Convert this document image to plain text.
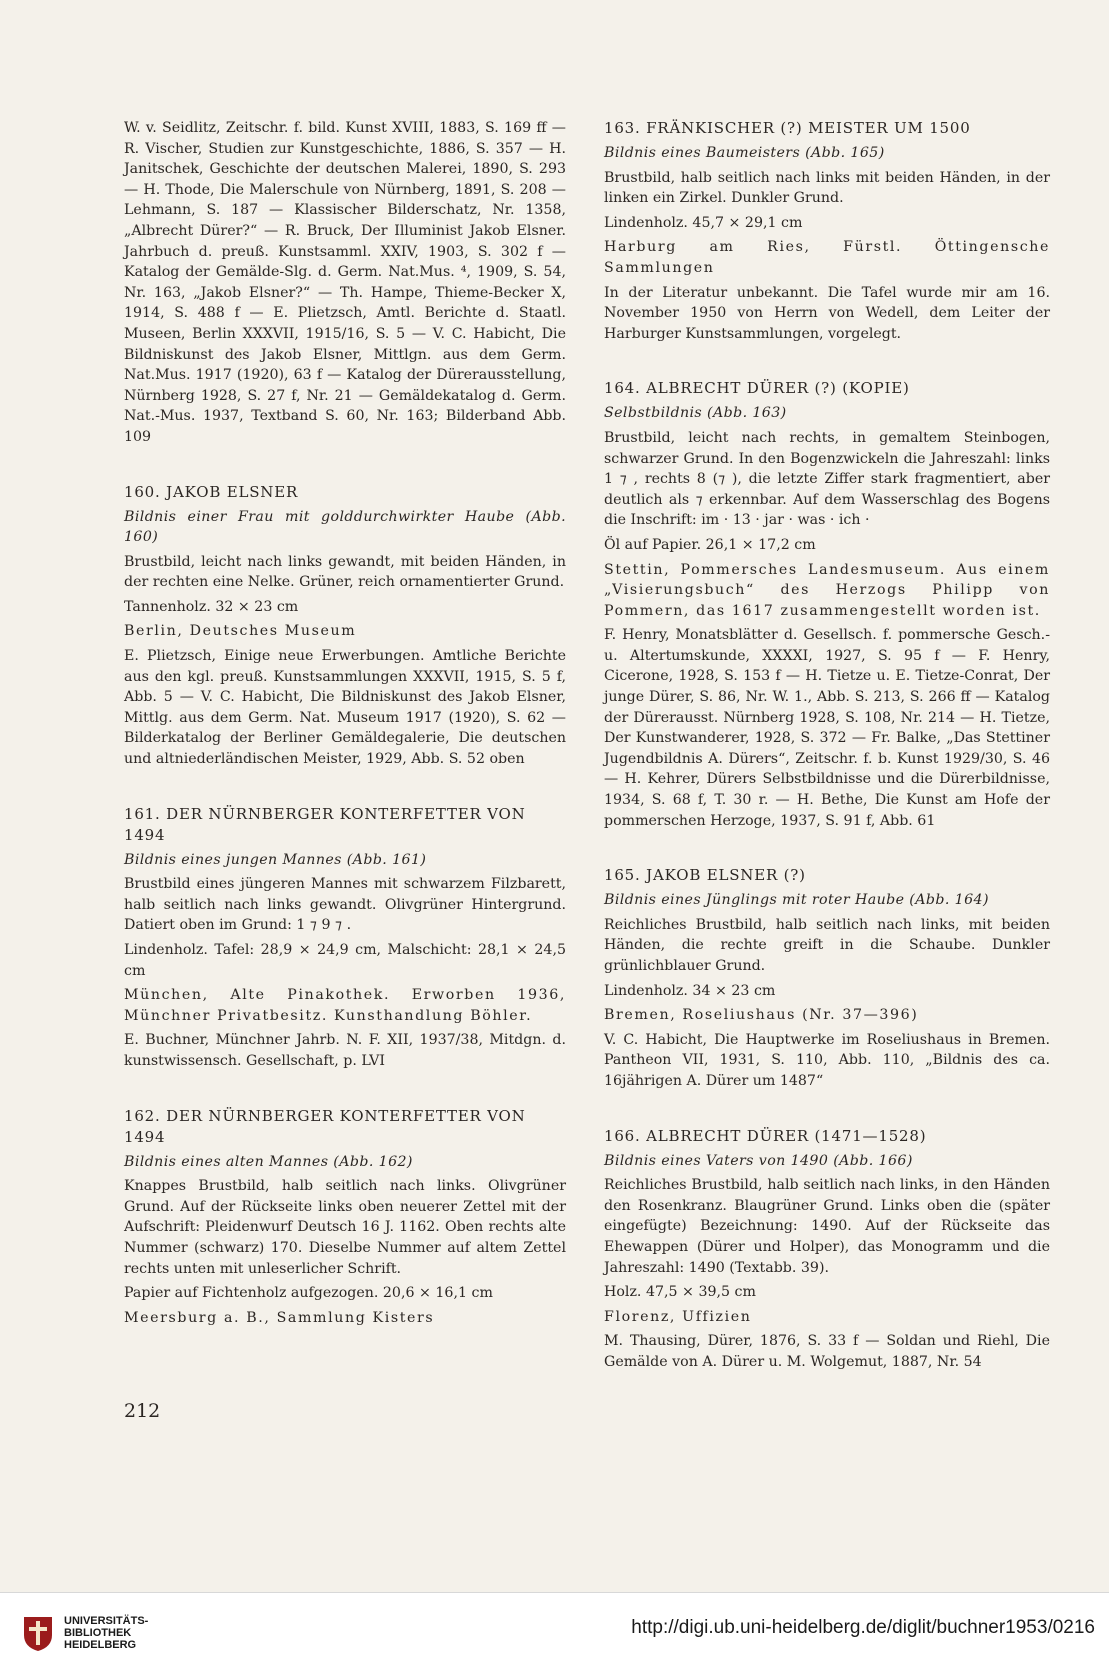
W. v. Seidlitz, Zeitschr. f. bild. Kunst XVIII, 1883, S. 169 ff — R. Vischer, Studien zur Kunstgeschichte, 1886, S. 357 — H. Janitschek, Geschichte der deutschen Malerei, 1890, S. 293 — H. Thode, Die Malerschule von Nürnberg, 1891, S. 208 — Lehmann, S. 187 — Klassischer Bilderschatz, Nr. 1358, „Albrecht Dürer?“ — R. Bruck, Der Illuminist Jakob Elsner. Jahrbuch d. preuß. Kunstsamml. XXIV, 1903, S. 302 f — Katalog der Gemälde-Slg. d. Germ. Nat.Mus. ⁴, 1909, S. 54, Nr. 163, „Jakob Elsner?“ — Th. Hampe, Thieme-Becker X, 1914, S. 488 f — E. Plietzsch, Amtl. Berichte d. Staatl. Museen, Berlin XXXVII, 1915/16, S. 5 — V. C. Habicht, Die Bildniskunst des Jakob Elsner, Mittlgn. aus dem Germ. Nat.Mus. 1917 (1920), 63 f — Katalog der Dürerausstellung, Nürnberg 1928, S. 27 f, Nr. 21 — Gemäldekatalog d. Germ. Nat.-Mus. 1937, Textband S. 60, Nr. 163; Bilderband Abb. 109

160. JAKOB ELSNER

Bildnis einer Frau mit golddurchwirkter Haube (Abb. 160)

Brustbild, leicht nach links gewandt, mit beiden Händen, in der rechten eine Nelke. Grüner, reich ornamentierter Grund.

Tannenholz. 32 × 23 cm

Berlin, Deutsches Museum

E. Plietzsch, Einige neue Erwerbungen. Amtliche Berichte aus den kgl. preuß. Kunstsammlungen XXXVII, 1915, S. 5 f, Abb. 5 — V. C. Habicht, Die Bildniskunst des Jakob Elsner, Mittlg. aus dem Germ. Nat. Museum 1917 (1920), S. 62 — Bilderkatalog der Berliner Gemäldegalerie, Die deutschen und altniederländischen Meister, 1929, Abb. S. 52 oben

161. DER NÜRNBERGER KONTERFETTER VON 1494

Bildnis eines jungen Mannes (Abb. 161)

Brustbild eines jüngeren Mannes mit schwarzem Filzbarett, halb seitlich nach links gewandt. Olivgrüner Hintergrund. Datiert oben im Grund: 1 ⁊ 9 ⁊ .

Lindenholz. Tafel: 28,9 × 24,9 cm, Malschicht: 28,1 × 24,5 cm

München, Alte Pinakothek. Erworben 1936, Münchner Privatbesitz. Kunsthandlung Böhler.

E. Buchner, Münchner Jahrb. N. F. XII, 1937/38, Mitdgn. d. kunstwissensch. Gesellschaft, p. LVI

162. DER NÜRNBERGER KONTERFETTER VON 1494

Bildnis eines alten Mannes (Abb. 162)

Knappes Brustbild, halb seitlich nach links. Olivgrüner Grund. Auf der Rückseite links oben neuerer Zettel mit der Aufschrift: Pleidenwurf Deutsch 16 J. 1162. Oben rechts alte Nummer (schwarz) 170. Dieselbe Nummer auf altem Zettel rechts unten mit unleserlicher Schrift.

Papier auf Fichtenholz aufgezogen. 20,6 × 16,1 cm

Meersburg a. B., Sammlung Kisters

163. FRÄNKISCHER (?) MEISTER UM 1500

Bildnis eines Baumeisters (Abb. 165)

Brustbild, halb seitlich nach links mit beiden Händen, in der linken ein Zirkel. Dunkler Grund.

Lindenholz. 45,7 × 29,1 cm

Harburg am Ries, Fürstl. Öttingensche Sammlungen

In der Literatur unbekannt. Die Tafel wurde mir am 16. November 1950 von Herrn von Wedell, dem Leiter der Harburger Kunstsammlungen, vorgelegt.

164. ALBRECHT DÜRER (?) (KOPIE)

Selbstbildnis (Abb. 163)

Brustbild, leicht nach rechts, in gemaltem Steinbogen, schwarzer Grund. In den Bogenzwickeln die Jahreszahl: links 1 ⁊ , rechts 8 (⁊ ), die letzte Ziffer stark fragmentiert, aber deutlich als ⁊ erkennbar. Auf dem Wasserschlag des Bogens die Inschrift: im · 13 · jar · was · ich ·

Öl auf Papier. 26,1 × 17,2 cm

Stettin, Pommersches Landesmuseum. Aus einem „Visierungsbuch“ des Herzogs Philipp von Pommern, das 1617 zusammengestellt worden ist.

F. Henry, Monatsblätter d. Gesellsch. f. pommersche Gesch.- u. Altertumskunde, XXXXI, 1927, S. 95 f — F. Henry, Cicerone, 1928, S. 153 f — H. Tietze u. E. Tietze-Conrat, Der junge Dürer, S. 86, Nr. W. 1., Abb. S. 213, S. 266 ff — Katalog der Dürerausst. Nürnberg 1928, S. 108, Nr. 214 — H. Tietze, Der Kunstwanderer, 1928, S. 372 — Fr. Balke, „Das Stettiner Jugendbildnis A. Dürers“, Zeitschr. f. b. Kunst 1929/30, S. 46 — H. Kehrer, Dürers Selbstbildnisse und die Dürerbildnisse, 1934, S. 68 f, T. 30 r. — H. Bethe, Die Kunst am Hofe der pommerschen Herzoge, 1937, S. 91 f, Abb. 61

165. JAKOB ELSNER (?)

Bildnis eines Jünglings mit roter Haube (Abb. 164)

Reichliches Brustbild, halb seitlich nach links, mit beiden Händen, die rechte greift in die Schaube. Dunkler grünlichblauer Grund.

Lindenholz. 34 × 23 cm

Bremen, Roseliushaus (Nr. 37—396)

V. C. Habicht, Die Hauptwerke im Roseliushaus in Bremen. Pantheon VII, 1931, S. 110, Abb. 110, „Bildnis des ca. 16jährigen A. Dürer um 1487“

166. ALBRECHT DÜRER (1471—1528)

Bildnis eines Vaters von 1490 (Abb. 166)

Reichliches Brustbild, halb seitlich nach links, in den Händen den Rosenkranz. Blaugrüner Grund. Links oben die (später eingefügte) Bezeichnung: 1490. Auf der Rückseite das Ehewappen (Dürer und Holper), das Monogramm und die Jahreszahl: 1490 (Textabb. 39).

Holz. 47,5 × 39,5 cm

Florenz, Uffizien

M. Thausing, Dürer, 1876, S. 33 f — Soldan und Riehl, Die Gemälde von A. Dürer u. M. Wolgemut, 1887, Nr. 54

212
UNIVERSITÄTS-
BIBLIOTHEK
HEIDELBERG
http://digi.ub.uni-heidelberg.de/diglit/buchner1953/0216
